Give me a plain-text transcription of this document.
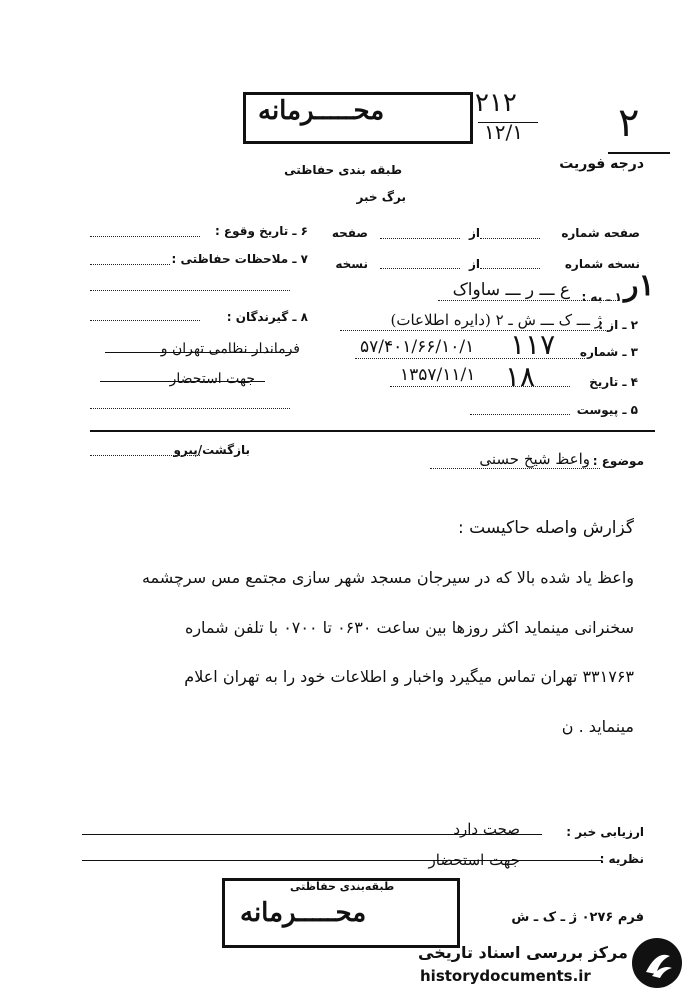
محـــــرمانه	۲۱۲
۱۲/۱ ۲
درجه فوریت
طبقه بندی حفاظتی
برگ خبر
صفحه شماره
از
صفحه
نسخه شماره
از
نسخه
۱ ـ به :
ع ـــ ر ـــ ساواک ۱ر
۲ ـ از :
ژ ـــ ک ـــ ش ـ ۲ (دایره اطلاعات)
۳ ـ شماره
۵۷/۴۰۱/۶۶/۱۰/۱ ۱۱۷
۴ ـ تاریخ
۱۳۵۷/۱۱/۱ ۱۸
۵ ـ پیوست
۶ ـ تاریخ وقوع :
۷ ـ ملاحظات حفاظتی :
۸ ـ گیرندگان :
فرماندار نظامی تهران و
جهت استحضار
موضوع :
واعظ شیخ حسنی
بازگشت/پیرو
گزارش واصله حاکیست :
واعظ یاد شده بالا که در سیرجان مسجد شهر سازی مجتمع مس سرچشمه
سخنرانی مینماید اکثر روزها بین ساعت ۰۶۳۰ تا ۰۷۰۰ با تلفن شماره
۳۳۱۷۶۳ تهران تماس میگیرد واخبار و اطلاعات خود را به تهران اعلام
مینماید . ن
ارزیابی خبر :
صحت دارد
نظریه :
جهت استحضار
طبقه‌بندی حفاظتی
محـــــرمانه	فرم ۰۲۷۶ ژ ـ ک ـ ش
مرکز بررسی اسناد تاریخی
historydocuments.ir
